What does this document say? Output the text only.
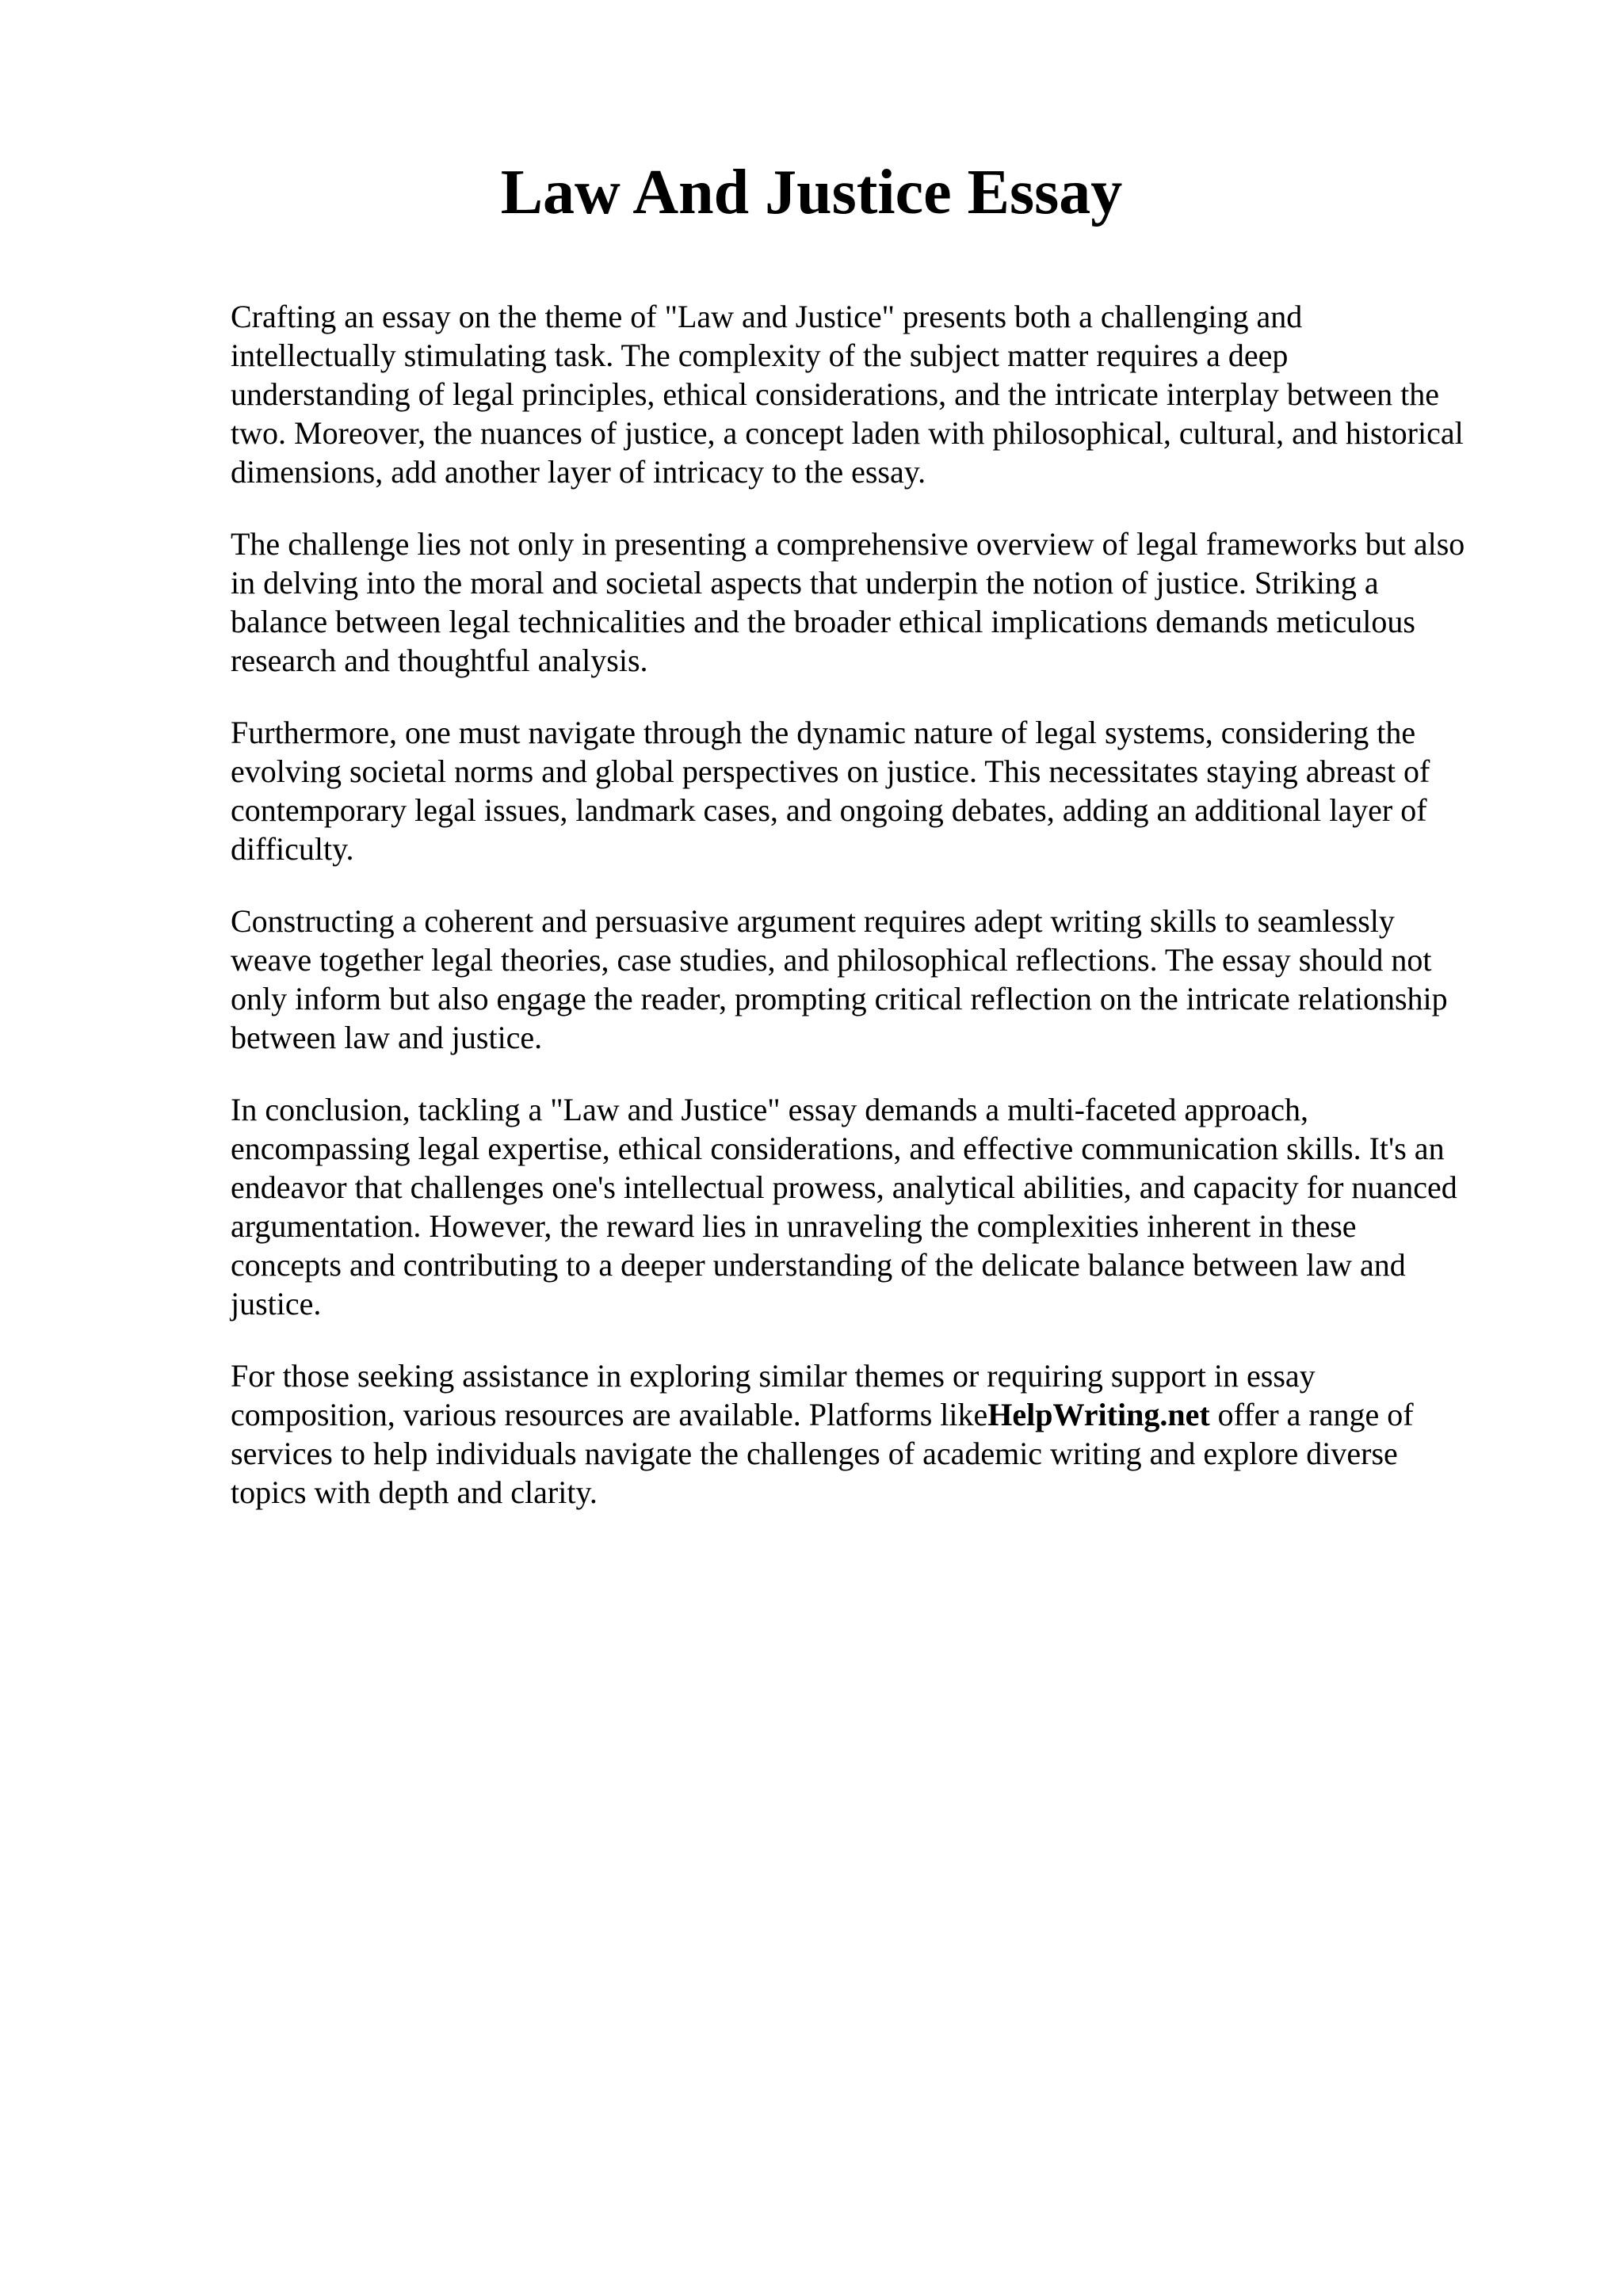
Law And Justice Essay

Crafting an essay on the theme of "Law and Justice" presents both a challenging and
intellectually stimulating task. The complexity of the subject matter requires a deep
understanding of legal principles, ethical considerations, and the intricate interplay between the
two. Moreover, the nuances of justice, a concept laden with philosophical, cultural, and historical
dimensions, add another layer of intricacy to the essay.

The challenge lies not only in presenting a comprehensive overview of legal frameworks but also
in delving into the moral and societal aspects that underpin the notion of justice. Striking a
balance between legal technicalities and the broader ethical implications demands meticulous
research and thoughtful analysis.

Furthermore, one must navigate through the dynamic nature of legal systems, considering the
evolving societal norms and global perspectives on justice. This necessitates staying abreast of
contemporary legal issues, landmark cases, and ongoing debates, adding an additional layer of
difficulty.

Constructing a coherent and persuasive argument requires adept writing skills to seamlessly
weave together legal theories, case studies, and philosophical reflections. The essay should not
only inform but also engage the reader, prompting critical reflection on the intricate relationship
between law and justice.

In conclusion, tackling a "Law and Justice" essay demands a multi-faceted approach,
encompassing legal expertise, ethical considerations, and effective communication skills. It's an
endeavor that challenges one's intellectual prowess, analytical abilities, and capacity for nuanced
argumentation. However, the reward lies in unraveling the complexities inherent in these
concepts and contributing to a deeper understanding of the delicate balance between law and
justice.

For those seeking assistance in exploring similar themes or requiring support in essay
composition, various resources are available. Platforms likeHelpWriting.net offer a range of
services to help individuals navigate the challenges of academic writing and explore diverse
topics with depth and clarity.
